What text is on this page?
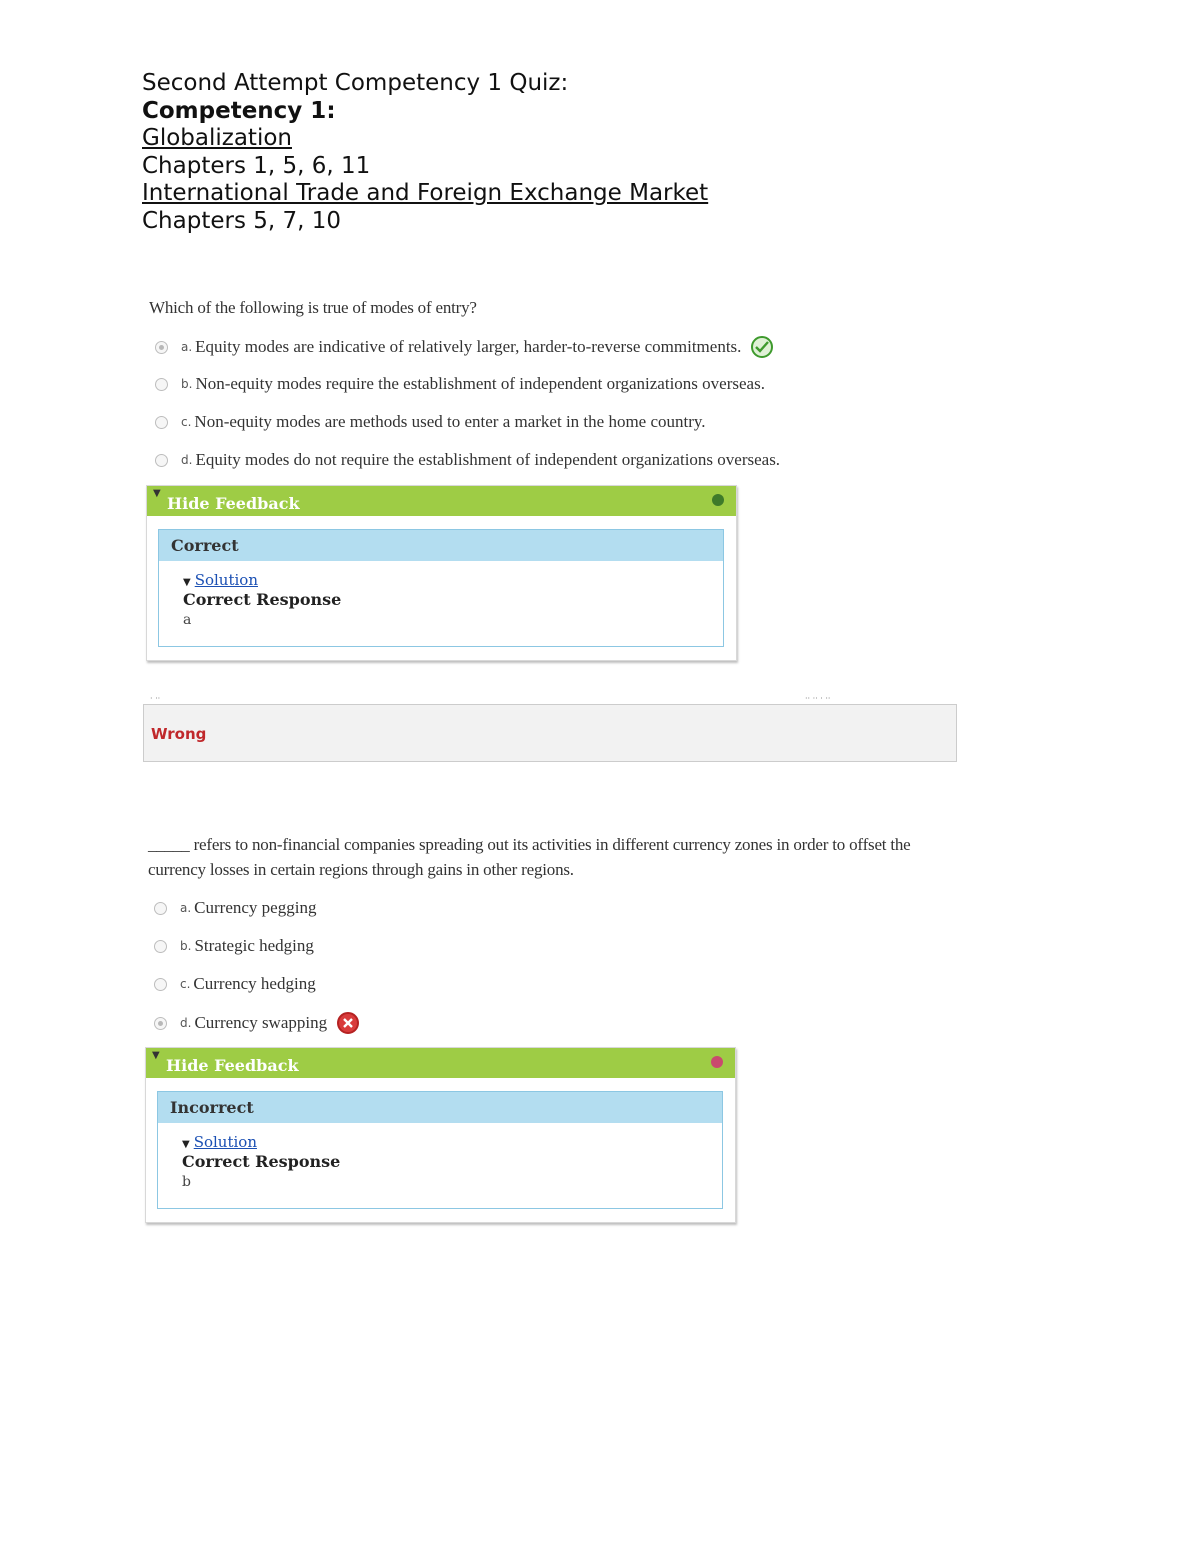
Second Attempt Competency 1 Quiz:
Competency 1:
Globalization
Chapters 1, 5, 6, 11
International Trade and Foreign Exchange Market
Chapters 5, 7, 10
Which of the following is true of modes of entry?
a. Equity modes are indicative of relatively larger, harder-to-reverse commitments.
b. Non-equity modes require the establishment of independent organizations overseas.
c. Non-equity modes are methods used to enter a market in the home country.
d. Equity modes do not require the establishment of independent organizations overseas.
▼
Hide Feedback
Correct
▼ Solution
Correct Response
a
· ··	·· ·· · ··
Wrong
_____ refers to non-financial companies spreading out its activities in different currency zones in order to offset the
currency losses in certain regions through gains in other regions.
a. Currency pegging
b. Strategic hedging
c. Currency hedging
d. Currency swapping
▼
Hide Feedback
Incorrect
▼ Solution
Correct Response
b
